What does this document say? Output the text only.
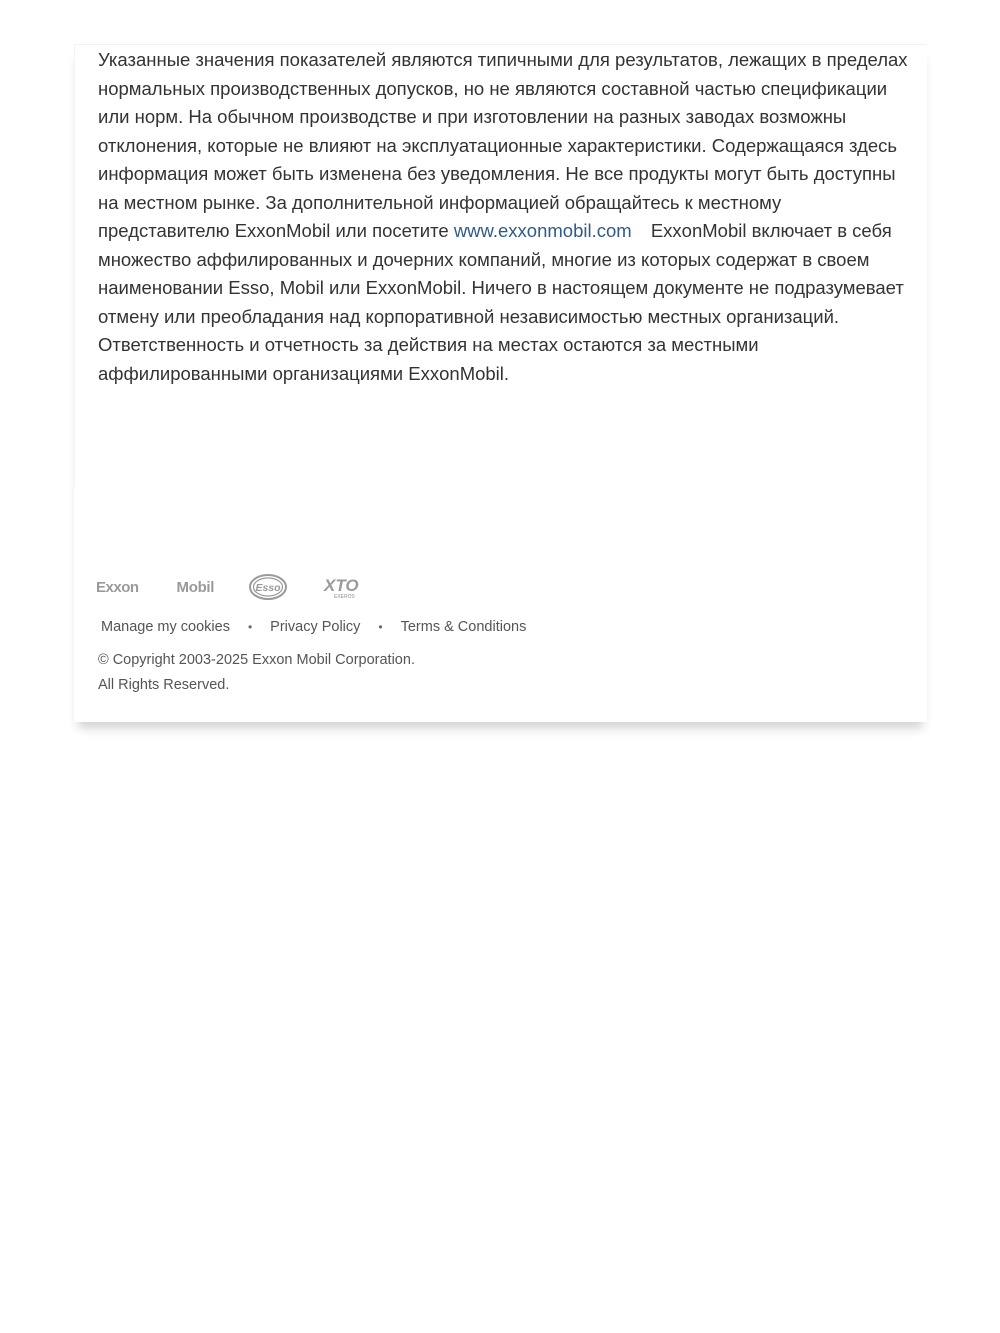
Указанные значения показателей являются типичными для результатов, лежащих в пределах нормальных производственных допусков, но не являются составной частью спецификации или норм. На обычном производстве и при изготовлении на разных заводах возможны отклонения, которые не влияют на эксплуатационные характеристики. Содержащаяся здесь информация может быть изменена без уведомления. Не все продукты могут быть доступны на местном рынке. За дополнительной информацией обращайтесь к местному представителю ExxonMobil или посетите www.exxonmobil.com ExxonMobil включает в себя множество аффилированных и дочерних компаний, многие из которых содержат в своем наименовании Esso, Mobil или ExxonMobil. Ничего в настоящем документе не подразумевает отмену или преобладания над корпоративной независимостью местных организаций. Ответственность и отчетность за действия на местах остаются за местными аффилированными организациями ExxonMobil.

Exxon	Mobil	Esso	XTO
EXEROS
Manage my cookies • Privacy Policy • Terms & Conditions
© Copyright 2003-2025 Exxon Mobil Corporation.
All Rights Reserved.
